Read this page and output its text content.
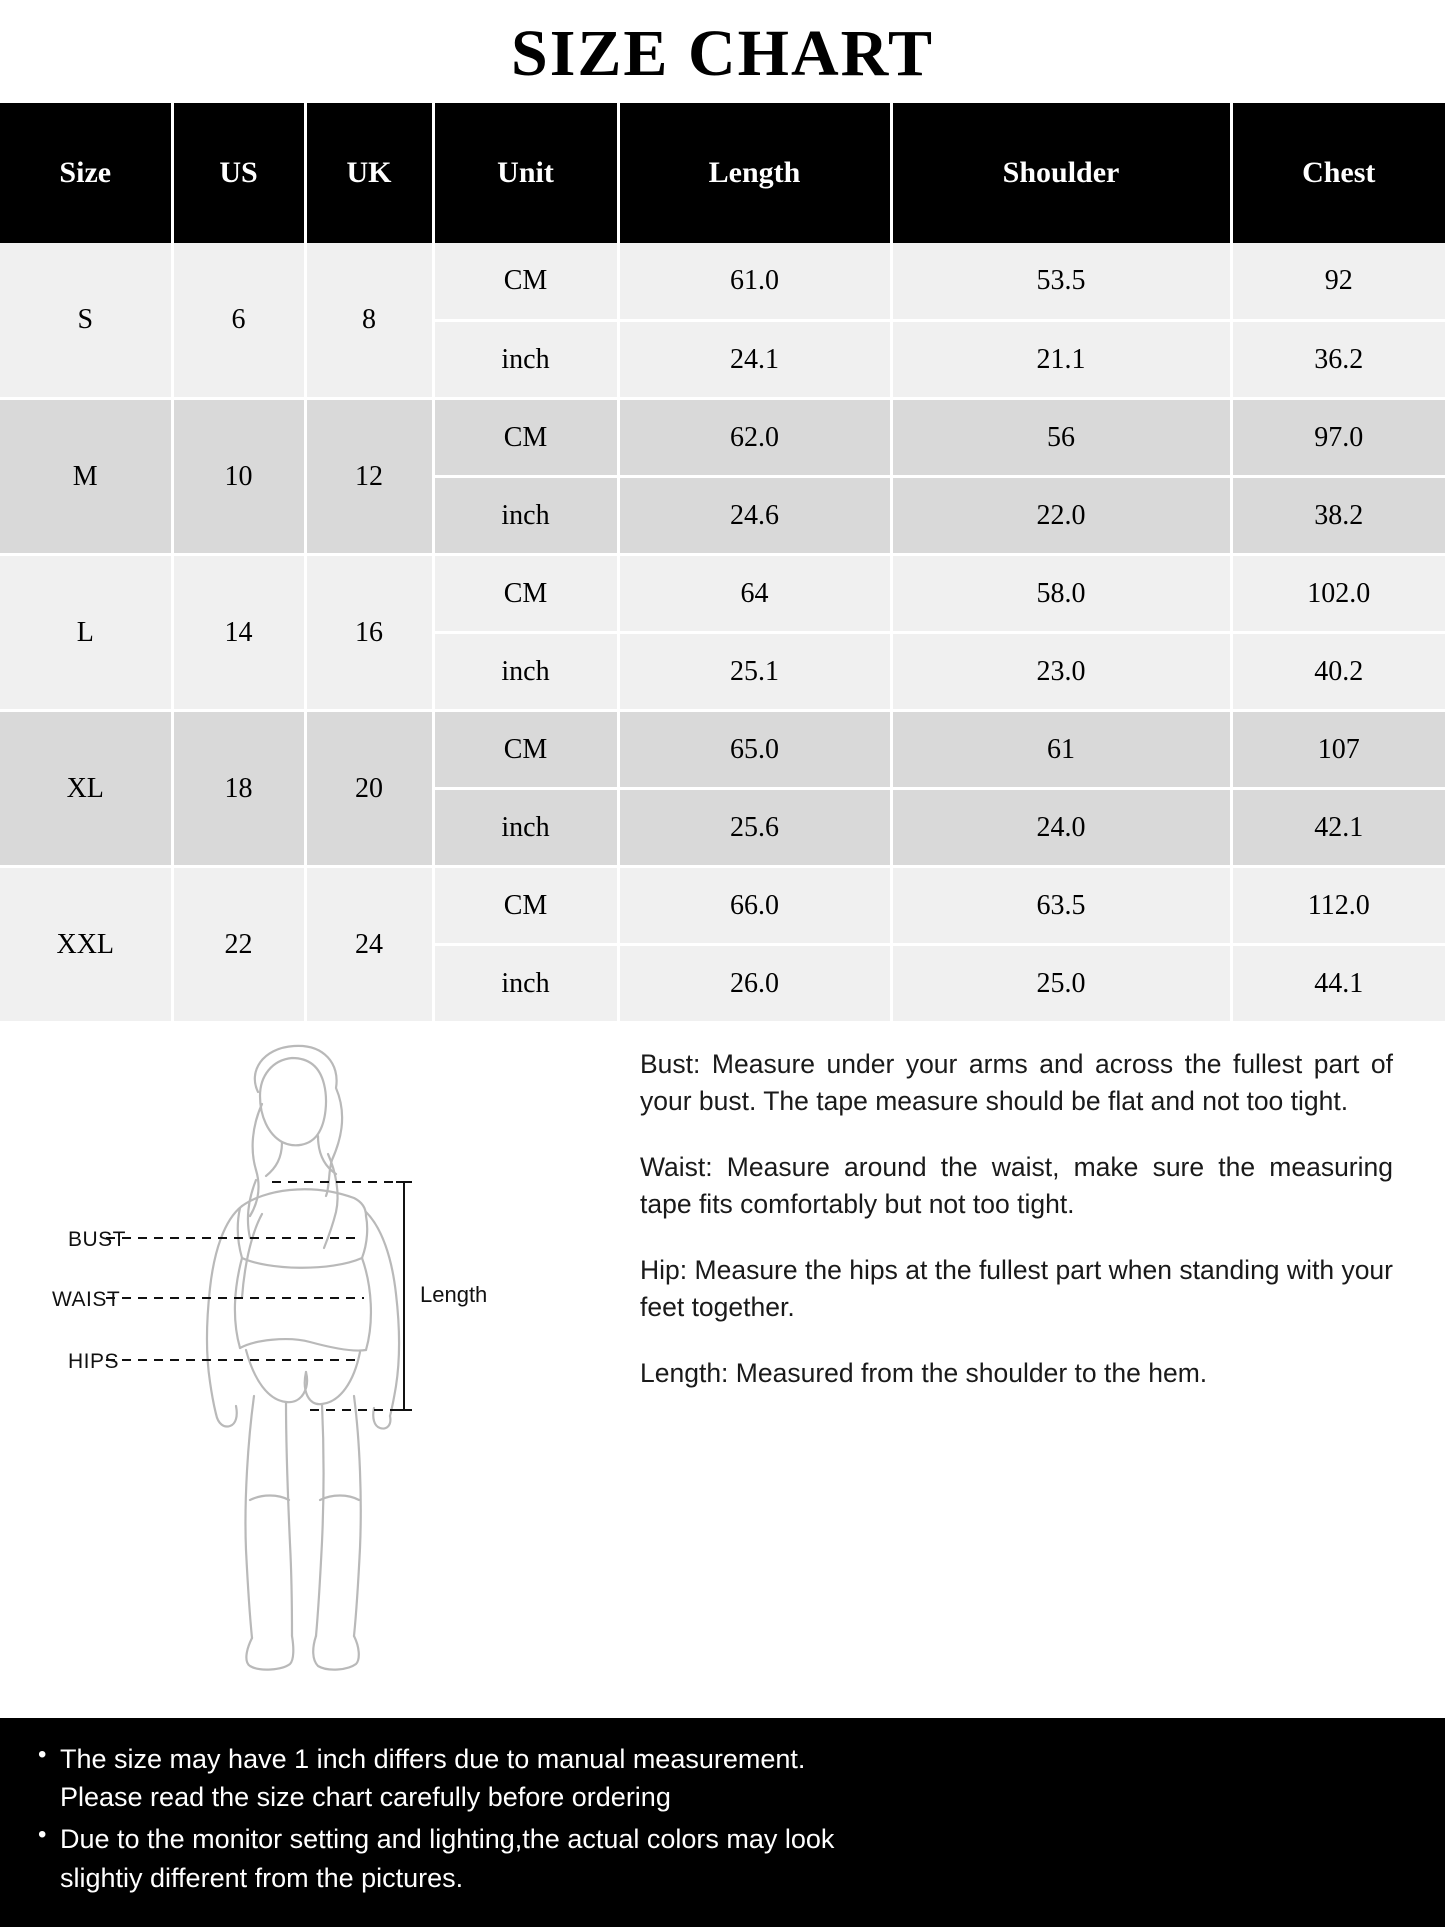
SIZE CHART
Size	US	UK	Unit	Length	Shoulder	Chest
S	6	8	CM	61.0	53.5	92
			inch	24.1	21.1	36.2
M	10	12	CM	62.0	56	97.0
			inch	24.6	22.0	38.2
L	14	16	CM	64	58.0	102.0
			inch	25.1	23.0	40.2
XL	18	20	CM	65.0	61	107
			inch	25.6	24.0	42.1
XXL	22	24	CM	66.0	63.5	112.0
			inch	26.0	25.0	44.1
BUST
WAIST
HIPS
Length

Bust: Measure under your arms and across the fullest part of your bust. The tape measure should be flat and not too tight.

Waist: Measure around the waist, make sure the measuring tape fits comfortably but not too tight.

Hip: Measure the hips at the fullest part when standing with your feet together.

Length: Measured from the shoulder to the hem.

• The size may have 1 inch differs due to manual measurement.
Please read the size chart carefully before ordering
• Due to the monitor setting and lighting,the actual colors may look
slightiy different from the pictures.
